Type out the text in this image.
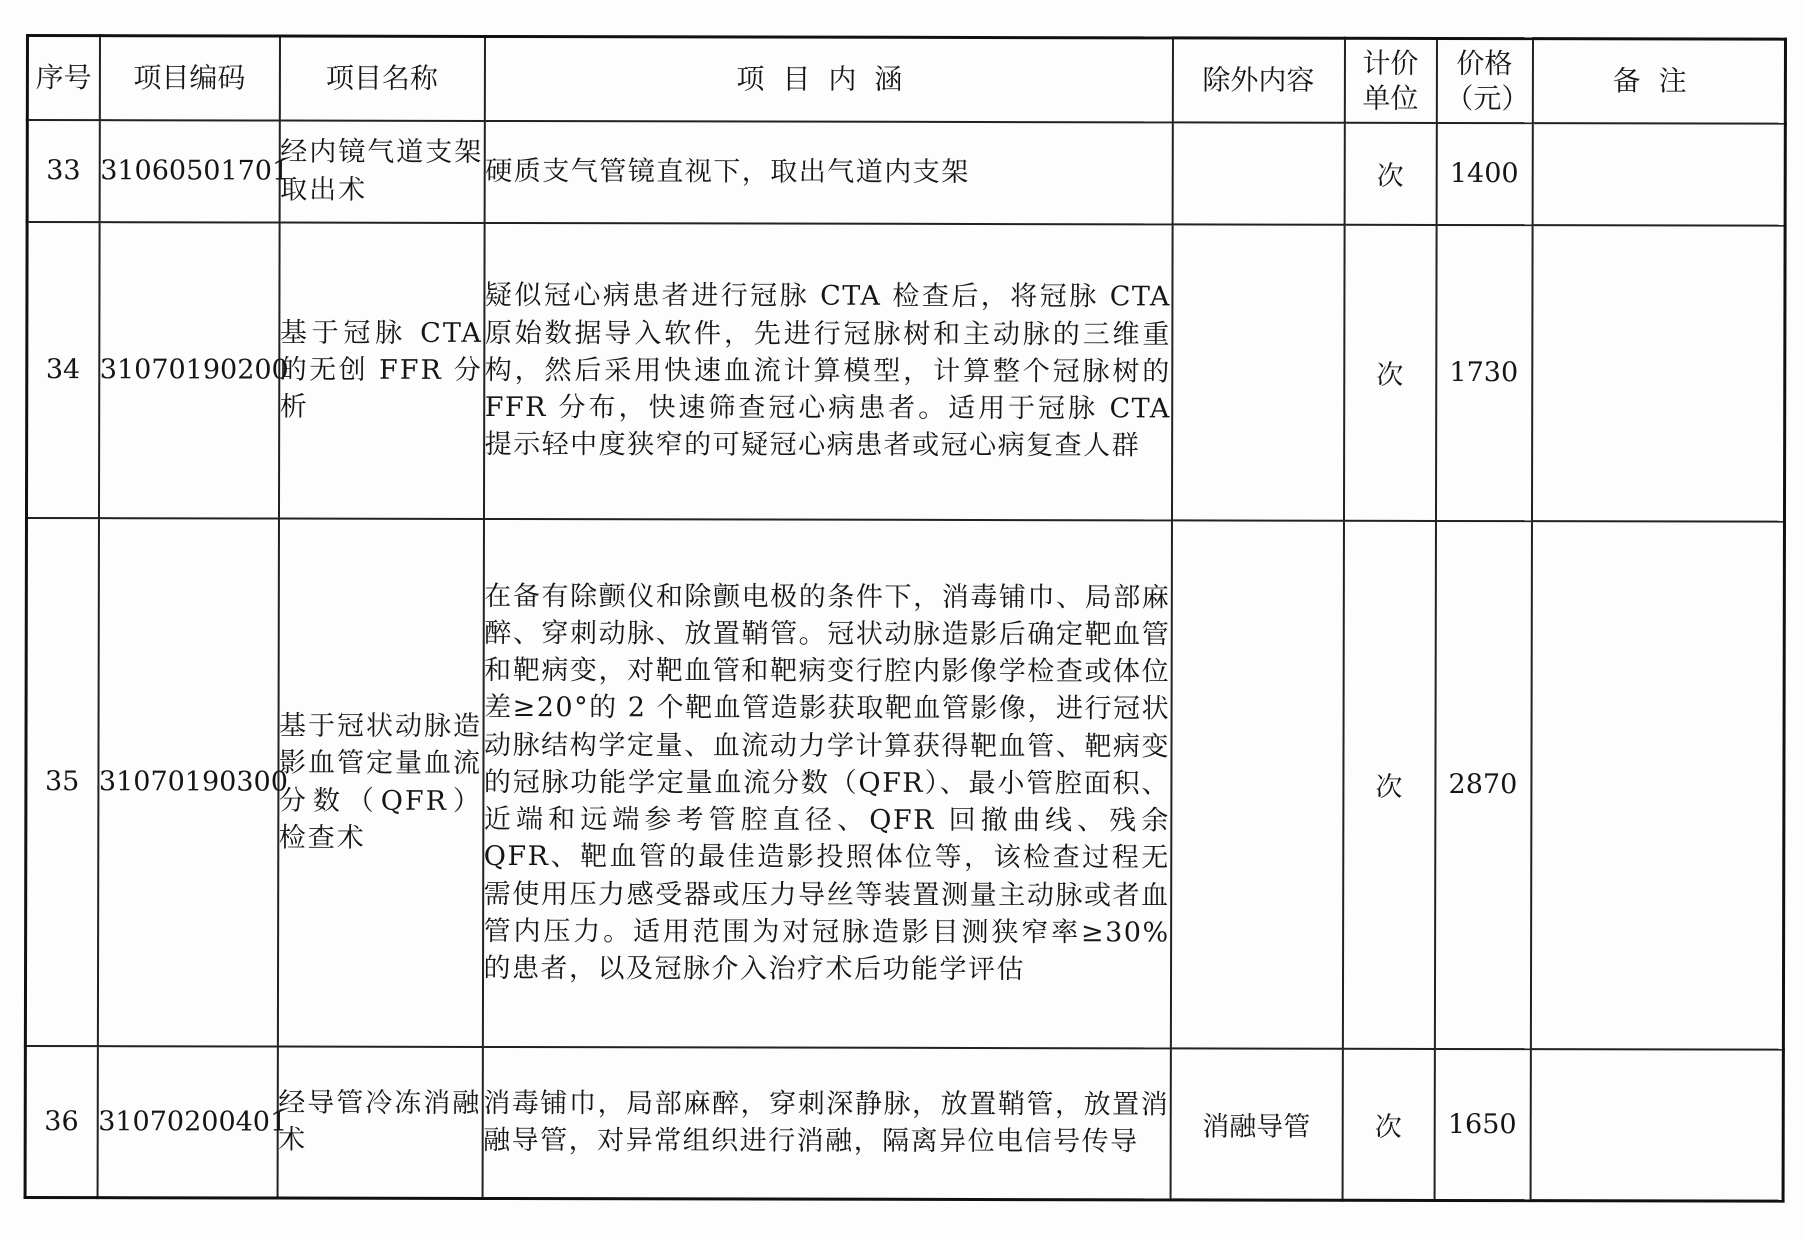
序号	项目编码	项目名称	项目内涵	除外内容	计价单位	价格（元）	备注
33	31060501701	经内镜气道支架取出术	硬质支气管镜直视下，取出气道内支架		次	1400	
34	31070190200	基于冠脉 CTA 的无创 FFR 分析	疑似冠心病患者进行冠脉 CTA 检查后，将冠脉 CTA 原始数据导入软件，先进行冠脉树和主动脉的三维重构，然后采用快速血流计算模型，计算整个冠脉树的 FFR 分布，快速筛查冠心病患者。适用于冠脉 CTA 提示轻中度狭窄的可疑冠心病患者或冠心病复查人群		次	1730	
35	31070190300	基于冠状动脉造影血管定量血流分数（QFR）检查术	在备有除颤仪和除颤电极的条件下，消毒铺巾、局部麻醉、穿刺动脉、放置鞘管。冠状动脉造影后确定靶血管和靶病变，对靶血管和靶病变行腔内影像学检查或体位差≥20°的 2 个靶血管造影获取靶血管影像，进行冠状动脉结构学定量、血流动力学计算获得靶血管、靶病变的冠脉功能学定量血流分数（QFR）、最小管腔面积、近端和远端参考管腔直径、QFR 回撤曲线、残余 QFR、靶血管的最佳造影投照体位等，该检查过程无需使用压力感受器或压力导丝等装置测量主动脉或者血管内压力。适用范围为对冠脉造影目测狭窄率≥30%的患者，以及冠脉介入治疗术后功能学评估		次	2870	
36	31070200401	经导管冷冻消融术	消毒铺巾，局部麻醉，穿刺深静脉，放置鞘管，放置消融导管，对异常组织进行消融，隔离异位电信号传导	消融导管	次	1650	
